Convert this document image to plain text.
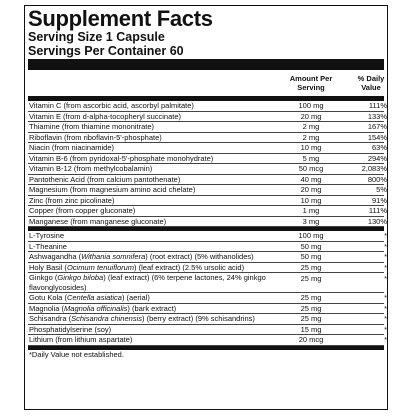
Supplement Facts
Serving Size 1 Capsule
Servings Per Container 60
Amount Per Serving
% Daily Value
Vitamin C (from ascorbic acid, ascorbyl palmitate)	100 mg	111%
Vitamin E (from d-alpha-tocopheryl succinate)	20 mg	133%
Thiamine (from thiamine mononitrate)	2 mg	167%
Riboflavin (from riboflavin-5'-phosphate)	2 mg	154%
Niacin (from niacinamide)	10 mg	63%
Vitamin B-6 (from pyridoxal-5'-phosphate monohydrate)	5 mg	294%
Vitamin B-12 (from methylcobalamin)	50 mcg	2,083%
Pantothenic Acid (from calcium pantothenate)	40 mg	800%
Magnesium (from magnesium amino acid chelate)	20 mg	5%
Zinc (from zinc picolinate)	10 mg	91%
Copper (from copper gluconate)	1 mg	111%
Manganese (from manganese gluconate)	3 mg	130%
L-Tyrosine	100 mg	*
L-Theanine	50 mg	*
Ashwagandha (Withania somnifera) (root extract) (5% withanolides)	50 mg	*
Holy Basil (Ocimum tenuiflorum) (leaf extract) (2.5% ursolic acid)	25 mg	*
Ginkgo (Ginkgo biloba) (leaf extract) (6% terpene lactones, 24% ginkgo flavonglycosides)
25 mg	*
Gotu Kola (Centella asiatica) (aerial)	25 mg	*
Magnolia (Magnolia officinalis) (bark extract)	25 mg	*
Schisandra (Schisandra chinensis) (berry extract) (9% schisandrins)	25 mg	*
Phosphatidylserine (soy)	15 mg	*
Lithium (from lithium aspartate)	20 mcg	*
*Daily Value not established.
